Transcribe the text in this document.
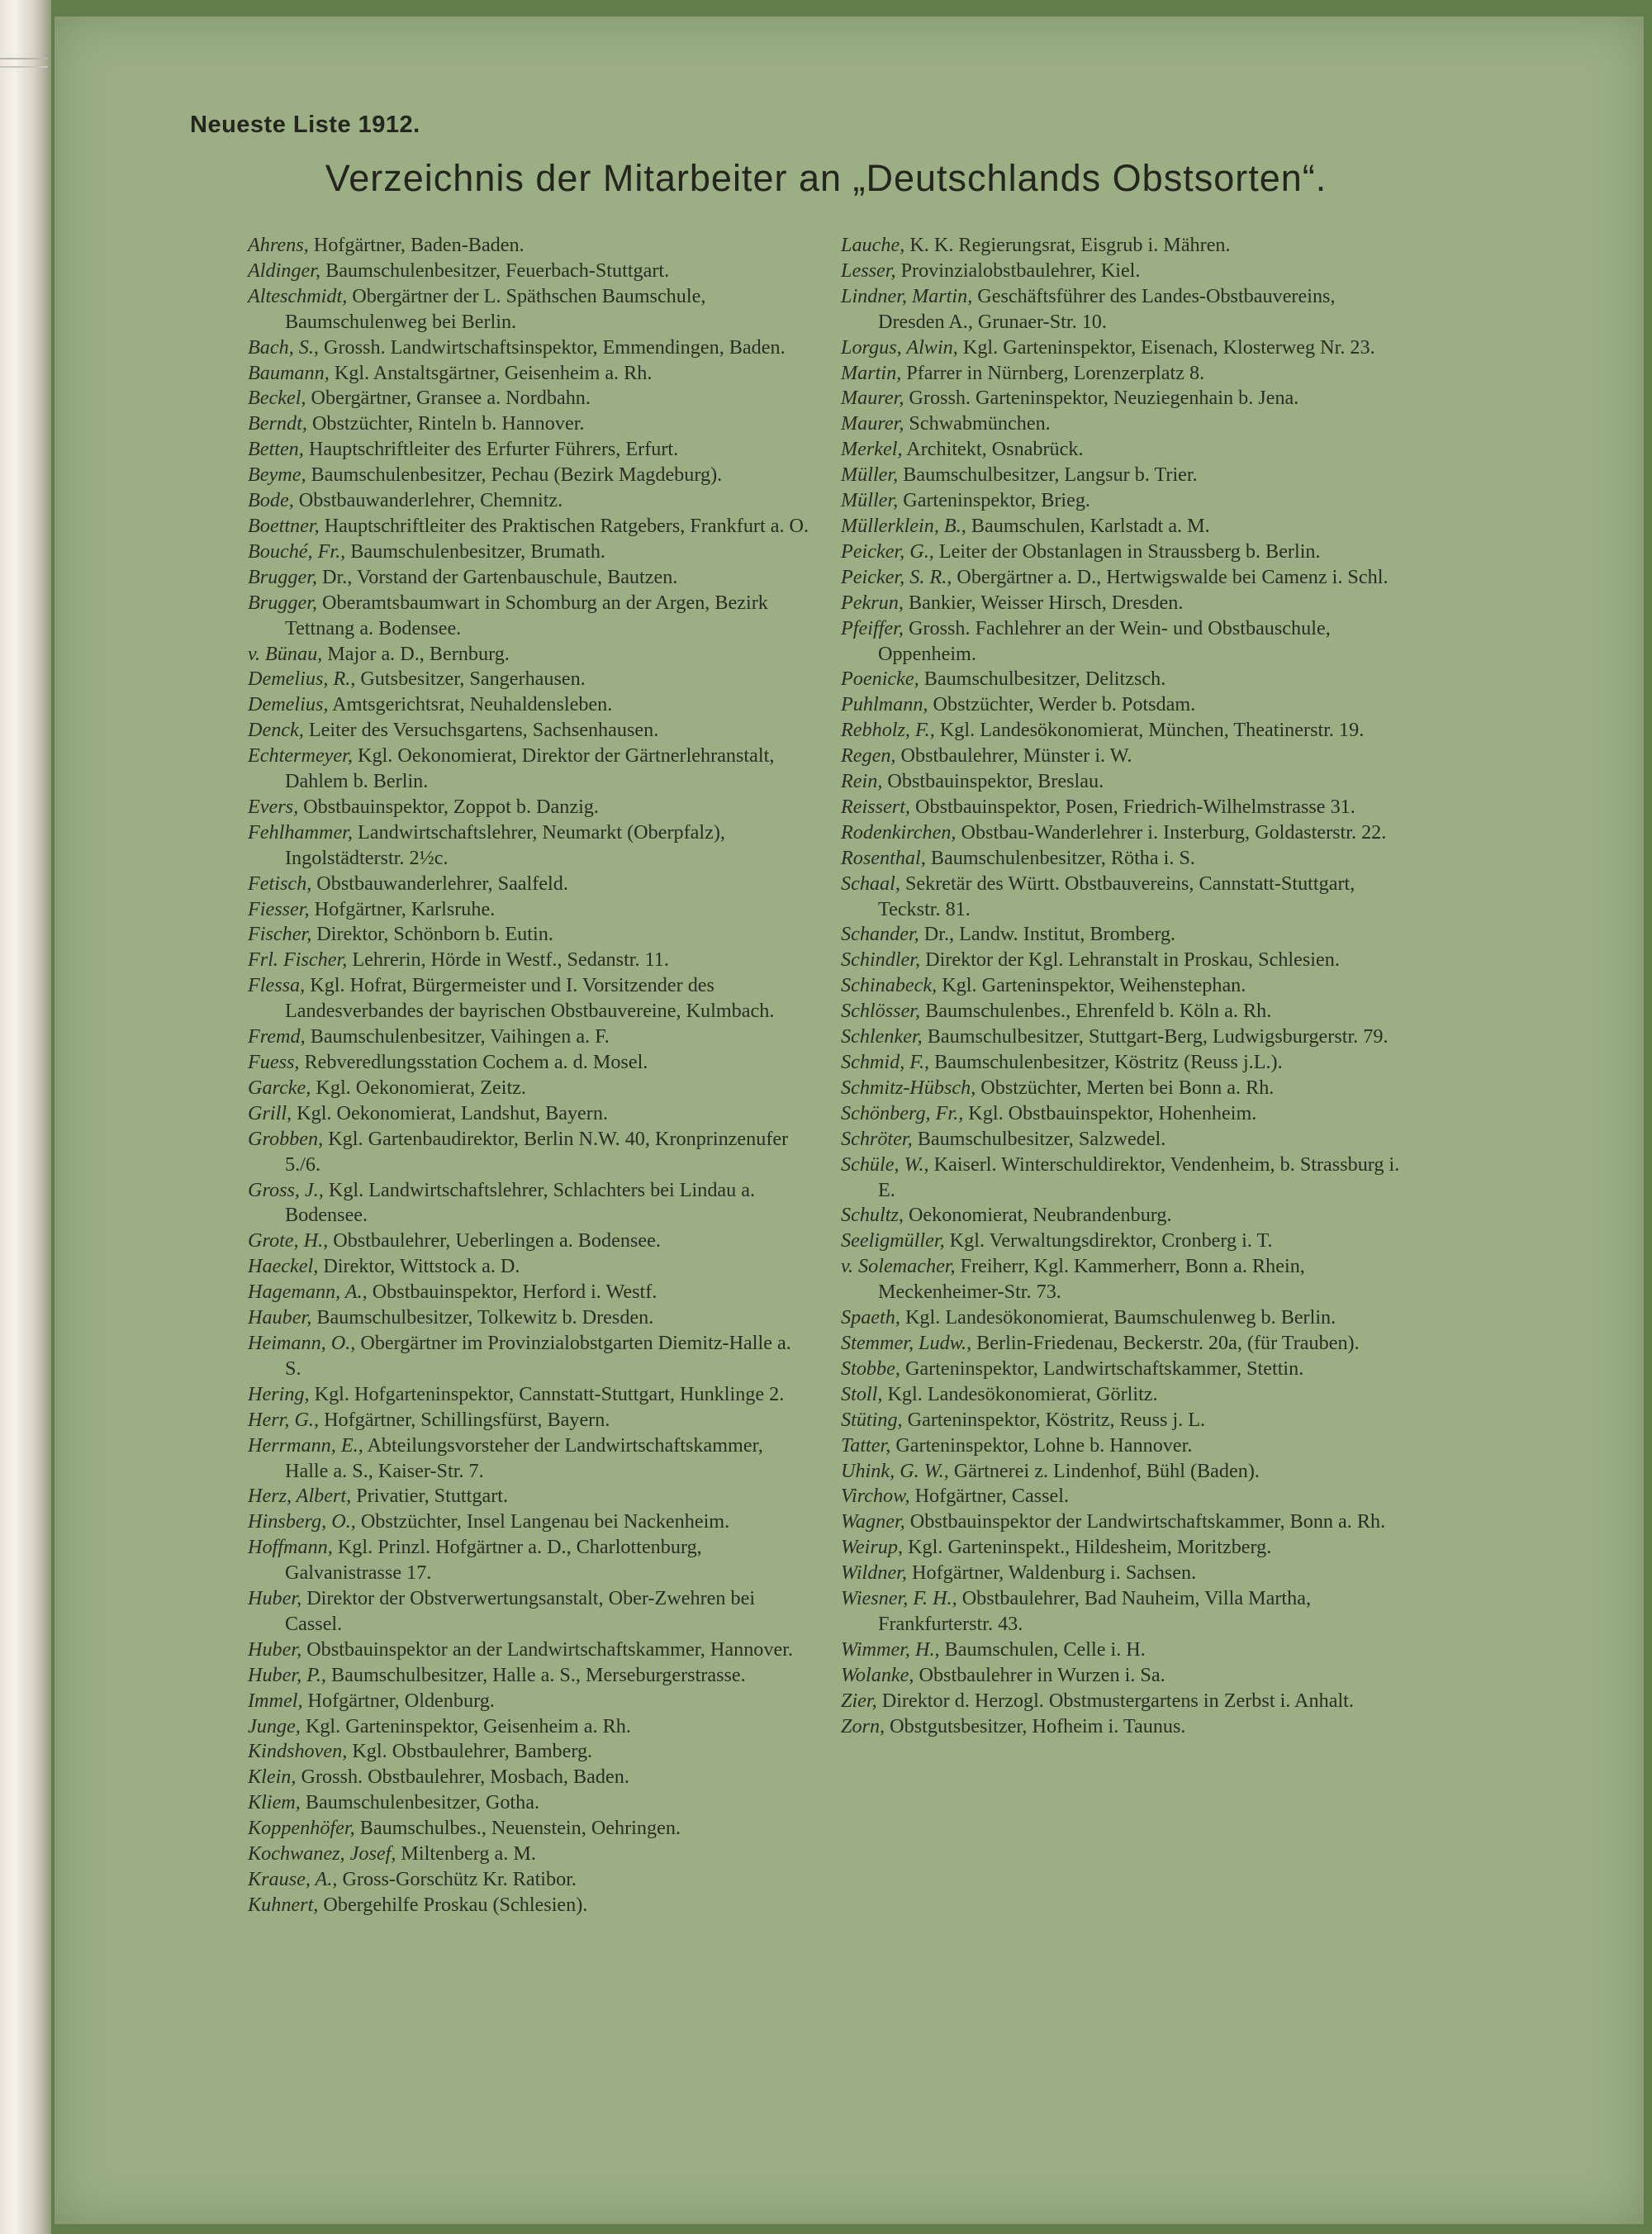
Neueste Liste 1912.
Verzeichnis der Mitarbeiter an „Deutschlands Obstsorten“.

Ahrens, Hofgärtner, Baden-Baden.

Aldinger, Baumschulenbesitzer, Feuerbach-Stuttgart.

Alteschmidt, Obergärtner der L. Späthschen Baumschule, Baumschulenweg bei Berlin.

Bach, S., Grossh. Landwirtschaftsinspektor, Emmendingen, Baden.

Baumann, Kgl. Anstaltsgärtner, Geisenheim a. Rh.

Beckel, Obergärtner, Gransee a. Nordbahn.

Berndt, Obstzüchter, Rinteln b. Hannover.

Betten, Hauptschriftleiter des Erfurter Führers, Erfurt.

Beyme, Baumschulenbesitzer, Pechau (Bezirk Magdeburg).

Bode, Obstbauwanderlehrer, Chemnitz.

Boettner, Hauptschriftleiter des Praktischen Ratgebers, Frankfurt a. O.

Bouché, Fr., Baumschulenbesitzer, Brumath.

Brugger, Dr., Vorstand der Gartenbauschule, Bautzen.

Brugger, Oberamtsbaumwart in Schomburg an der Argen, Bezirk Tettnang a. Bodensee.

v. Bünau, Major a. D., Bernburg.

Demelius, R., Gutsbesitzer, Sangerhausen.

Demelius, Amtsgerichtsrat, Neuhaldensleben.

Denck, Leiter des Versuchsgartens, Sachsenhausen.

Echtermeyer, Kgl. Oekonomierat, Direktor der Gärtnerlehranstalt, Dahlem b. Berlin.

Evers, Obstbauinspektor, Zoppot b. Danzig.

Fehlhammer, Landwirtschaftslehrer, Neumarkt (Oberpfalz), Ingolstädterstr. 2½c.

Fetisch, Obstbauwanderlehrer, Saalfeld.

Fiesser, Hofgärtner, Karlsruhe.

Fischer, Direktor, Schönborn b. Eutin.

Frl. Fischer, Lehrerin, Hörde in Westf., Sedanstr. 11.

Flessa, Kgl. Hofrat, Bürgermeister und I. Vorsitzender des Landesverbandes der bayrischen Obstbauvereine, Kulmbach.

Fremd, Baumschulenbesitzer, Vaihingen a. F.

Fuess, Rebveredlungsstation Cochem a. d. Mosel.

Garcke, Kgl. Oekonomierat, Zeitz.

Grill, Kgl. Oekonomierat, Landshut, Bayern.

Grobben, Kgl. Gartenbaudirektor, Berlin N.W. 40, Kronprinzenufer 5./6.

Gross, J., Kgl. Landwirtschaftslehrer, Schlachters bei Lindau a. Bodensee.

Grote, H., Obstbaulehrer, Ueberlingen a. Bodensee.

Haeckel, Direktor, Wittstock a. D.

Hagemann, A., Obstbauinspektor, Herford i. Westf.

Hauber, Baumschulbesitzer, Tolkewitz b. Dresden.

Heimann, O., Obergärtner im Provinzialobstgarten Diemitz-Halle a. S.

Hering, Kgl. Hofgarteninspektor, Cannstatt-Stuttgart, Hunklinge 2.

Herr, G., Hofgärtner, Schillingsfürst, Bayern.

Herrmann, E., Abteilungsvorsteher der Landwirtschaftskammer, Halle a. S., Kaiser-Str. 7.

Herz, Albert, Privatier, Stuttgart.

Hinsberg, O., Obstzüchter, Insel Langenau bei Nackenheim.

Hoffmann, Kgl. Prinzl. Hofgärtner a. D., Charlottenburg, Galvanistrasse 17.

Huber, Direktor der Obstverwertungsanstalt, Ober-Zwehren bei Cassel.

Huber, Obstbauinspektor an der Landwirtschaftskammer, Hannover.

Huber, P., Baumschulbesitzer, Halle a. S., Merseburgerstrasse.

Immel, Hofgärtner, Oldenburg.

Junge, Kgl. Garteninspektor, Geisenheim a. Rh.

Kindshoven, Kgl. Obstbaulehrer, Bamberg.

Klein, Grossh. Obstbaulehrer, Mosbach, Baden.

Kliem, Baumschulenbesitzer, Gotha.

Koppenhöfer, Baumschulbes., Neuenstein, Oehringen.

Kochwanez, Josef, Miltenberg a. M.

Krause, A., Gross-Gorschütz Kr. Ratibor.

Kuhnert, Obergehilfe Proskau (Schlesien).

Lauche, K. K. Regierungsrat, Eisgrub i. Mähren.

Lesser, Provinzialobstbaulehrer, Kiel.

Lindner, Martin, Geschäftsführer des Landes-Obstbauvereins, Dresden A., Grunaer-Str. 10.

Lorgus, Alwin, Kgl. Garteninspektor, Eisenach, Klosterweg Nr. 23.

Martin, Pfarrer in Nürnberg, Lorenzerplatz 8.

Maurer, Grossh. Garteninspektor, Neuziegenhain b. Jena.

Maurer, Schwabmünchen.

Merkel, Architekt, Osnabrück.

Müller, Baumschulbesitzer, Langsur b. Trier.

Müller, Garteninspektor, Brieg.

Müllerklein, B., Baumschulen, Karlstadt a. M.

Peicker, G., Leiter der Obstanlagen in Straussberg b. Berlin.

Peicker, S. R., Obergärtner a. D., Hertwigswalde bei Camenz i. Schl.

Pekrun, Bankier, Weisser Hirsch, Dresden.

Pfeiffer, Grossh. Fachlehrer an der Wein- und Obstbauschule, Oppenheim.

Poenicke, Baumschulbesitzer, Delitzsch.

Puhlmann, Obstzüchter, Werder b. Potsdam.

Rebholz, F., Kgl. Landesökonomierat, München, Theatinerstr. 19.

Regen, Obstbaulehrer, Münster i. W.

Rein, Obstbauinspektor, Breslau.

Reissert, Obstbauinspektor, Posen, Friedrich-Wilhelmstrasse 31.

Rodenkirchen, Obstbau-Wanderlehrer i. Insterburg, Goldasterstr. 22.

Rosenthal, Baumschulenbesitzer, Rötha i. S.

Schaal, Sekretär des Württ. Obstbauvereins, Cannstatt-Stuttgart, Teckstr. 81.

Schander, Dr., Landw. Institut, Bromberg.

Schindler, Direktor der Kgl. Lehranstalt in Proskau, Schlesien.

Schinabeck, Kgl. Garteninspektor, Weihenstephan.

Schlösser, Baumschulenbes., Ehrenfeld b. Köln a. Rh.

Schlenker, Baumschulbesitzer, Stuttgart-Berg, Ludwigsburgerstr. 79.

Schmid, F., Baumschulenbesitzer, Köstritz (Reuss j.L.).

Schmitz-Hübsch, Obstzüchter, Merten bei Bonn a. Rh.

Schönberg, Fr., Kgl. Obstbauinspektor, Hohenheim.

Schröter, Baumschulbesitzer, Salzwedel.

Schüle, W., Kaiserl. Winterschuldirektor, Vendenheim, b. Strassburg i. E.

Schultz, Oekonomierat, Neubrandenburg.

Seeligmüller, Kgl. Verwaltungsdirektor, Cronberg i. T.

v. Solemacher, Freiherr, Kgl. Kammerherr, Bonn a. Rhein, Meckenheimer-Str. 73.

Spaeth, Kgl. Landesökonomierat, Baumschulenweg b. Berlin.

Stemmer, Ludw., Berlin-Friedenau, Beckerstr. 20a, (für Trauben).

Stobbe, Garteninspektor, Landwirtschaftskammer, Stettin.

Stoll, Kgl. Landesökonomierat, Görlitz.

Stüting, Garteninspektor, Köstritz, Reuss j. L.

Tatter, Garteninspektor, Lohne b. Hannover.

Uhink, G. W., Gärtnerei z. Lindenhof, Bühl (Baden).

Virchow, Hofgärtner, Cassel.

Wagner, Obstbauinspektor der Landwirtschaftskammer, Bonn a. Rh.

Weirup, Kgl. Garteninspekt., Hildesheim, Moritzberg.

Wildner, Hofgärtner, Waldenburg i. Sachsen.

Wiesner, F. H., Obstbaulehrer, Bad Nauheim, Villa Martha, Frankfurterstr. 43.

Wimmer, H., Baumschulen, Celle i. H.

Wolanke, Obstbaulehrer in Wurzen i. Sa.

Zier, Direktor d. Herzogl. Obstmustergartens in Zerbst i. Anhalt.

Zorn, Obstgutsbesitzer, Hofheim i. Taunus.
